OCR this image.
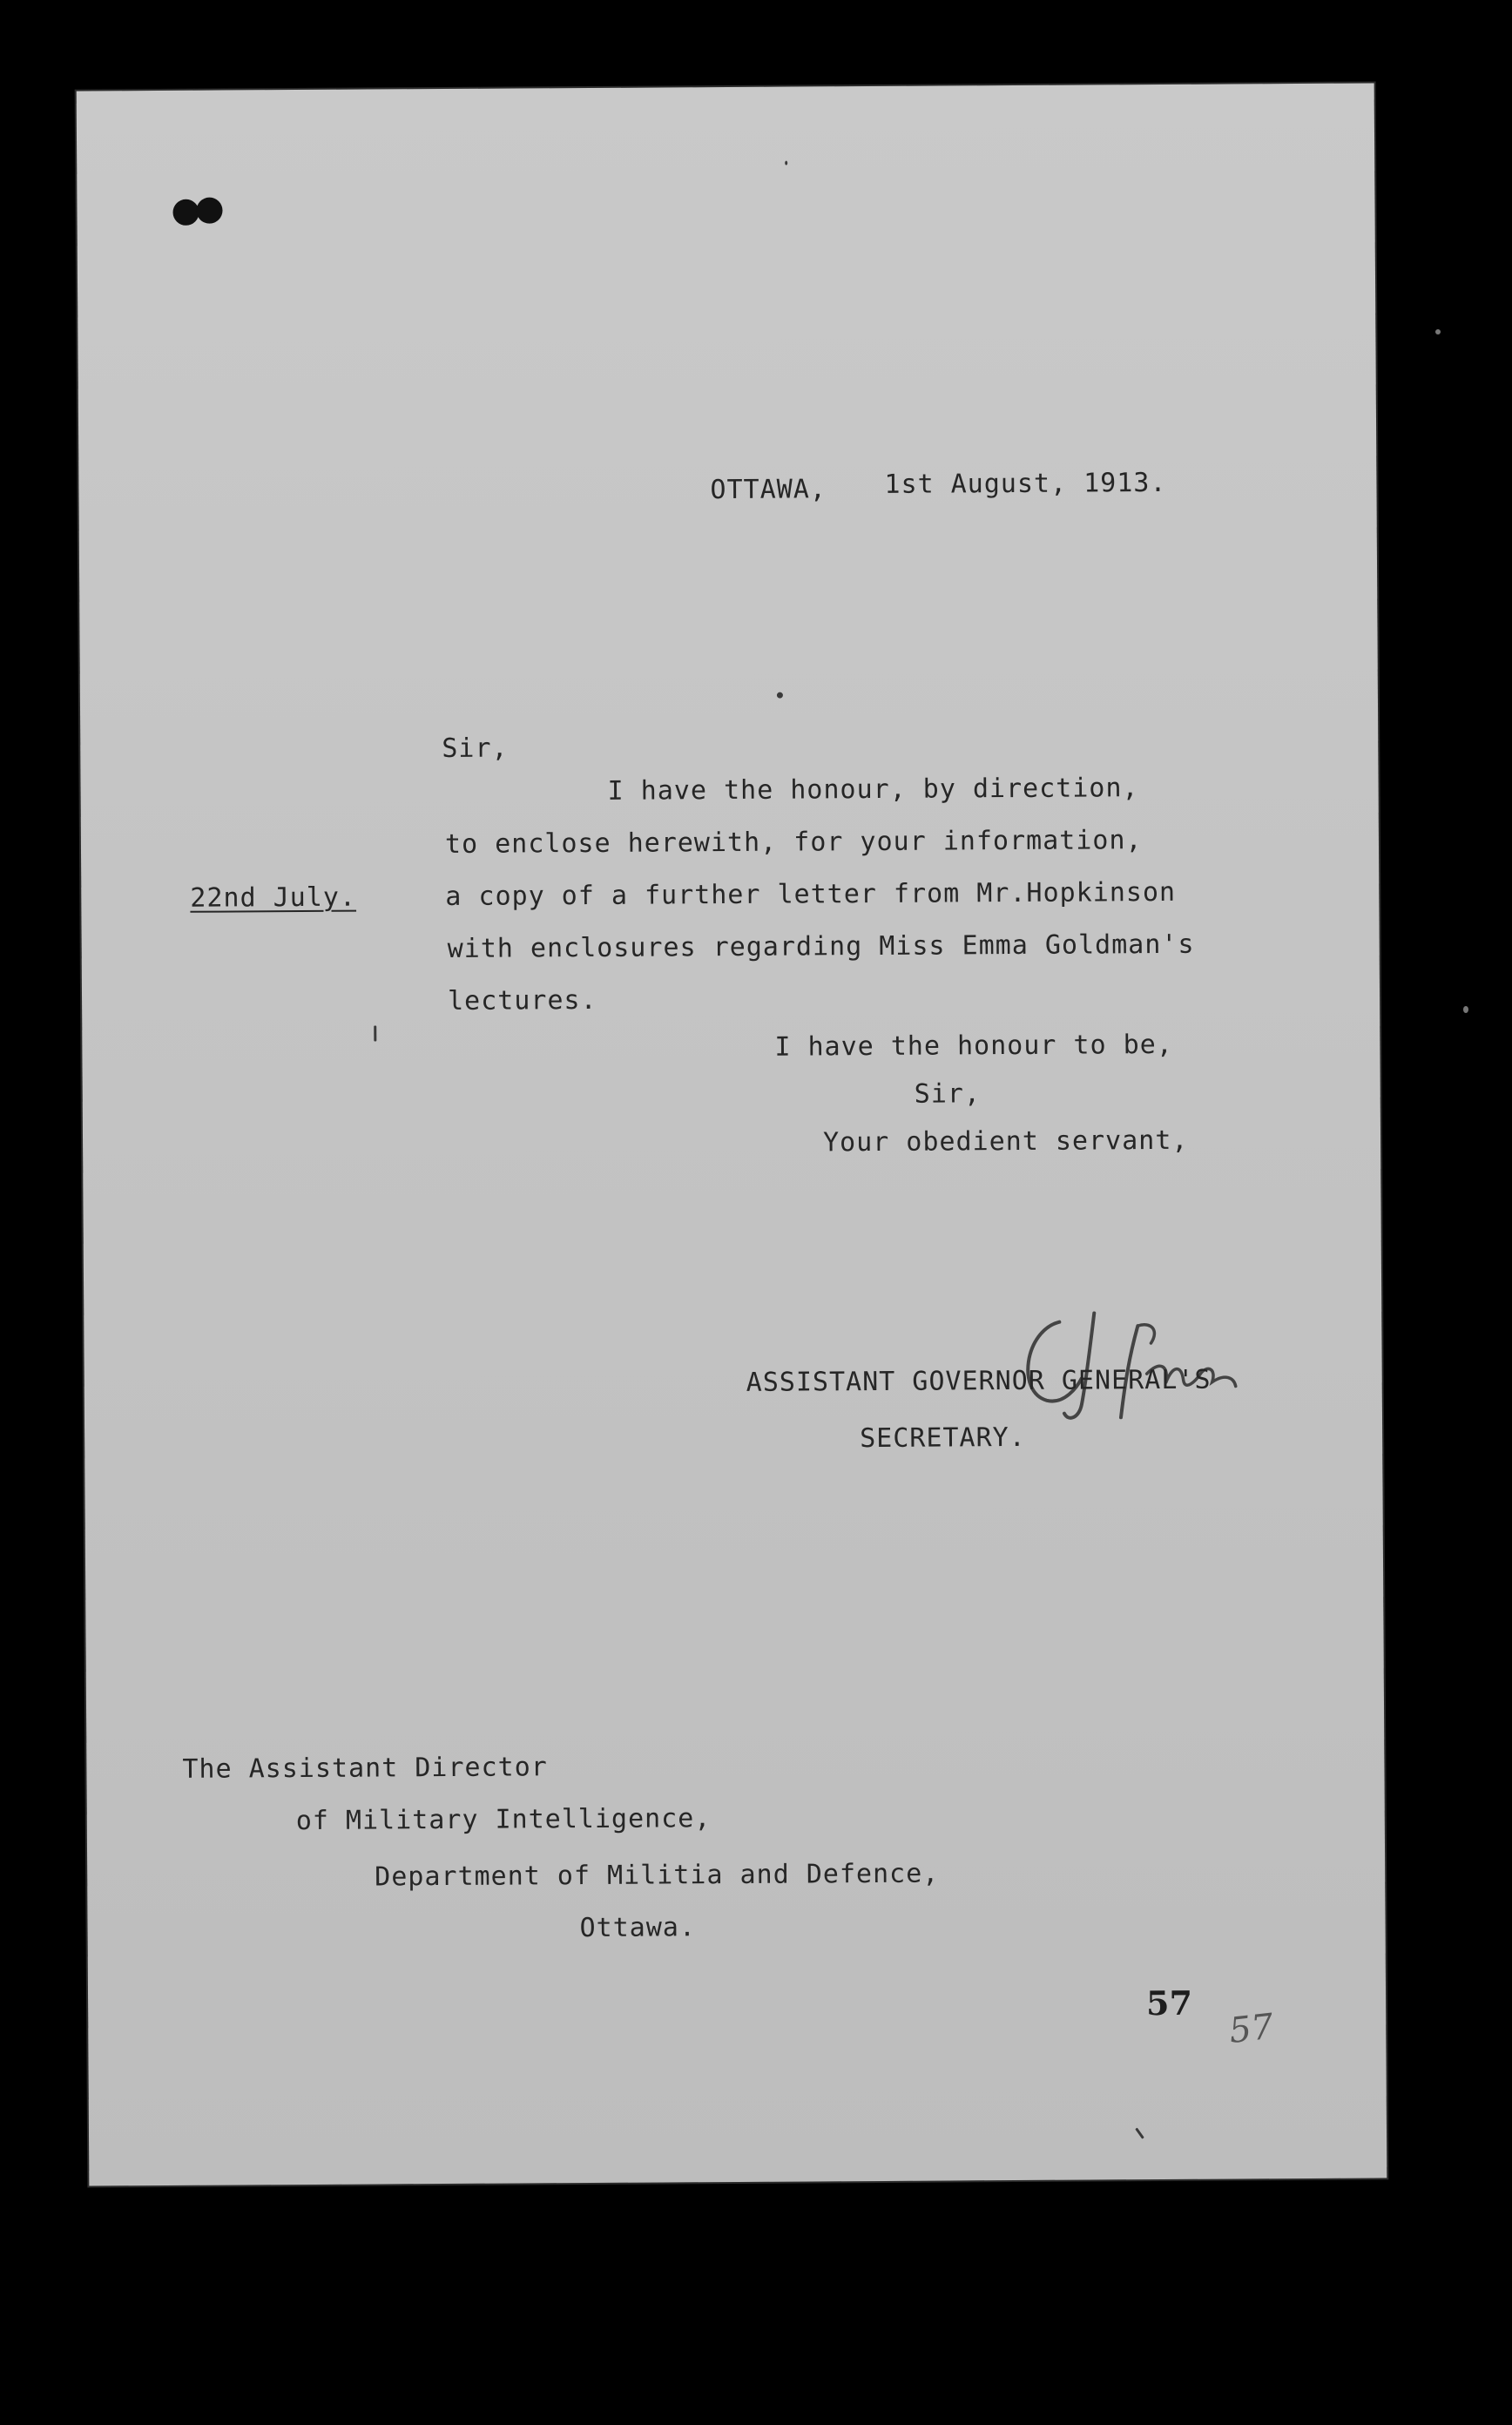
OTTAWA, 1st August, 1913.
Sir,
I have the honour, by direction,
to enclose herewith, for your information,
22nd July.	a copy of a further letter from Mr.Hopkinson
with enclosures regarding Miss Emma Goldman's
lectures.
I have the honour to be,
Sir,
Your obedient servant,
ASSISTANT GOVERNOR GENERAL'S
SECRETARY.
The Assistant Director
of Military Intelligence,
Department of Militia and Defence,
Ottawa.
57
57
